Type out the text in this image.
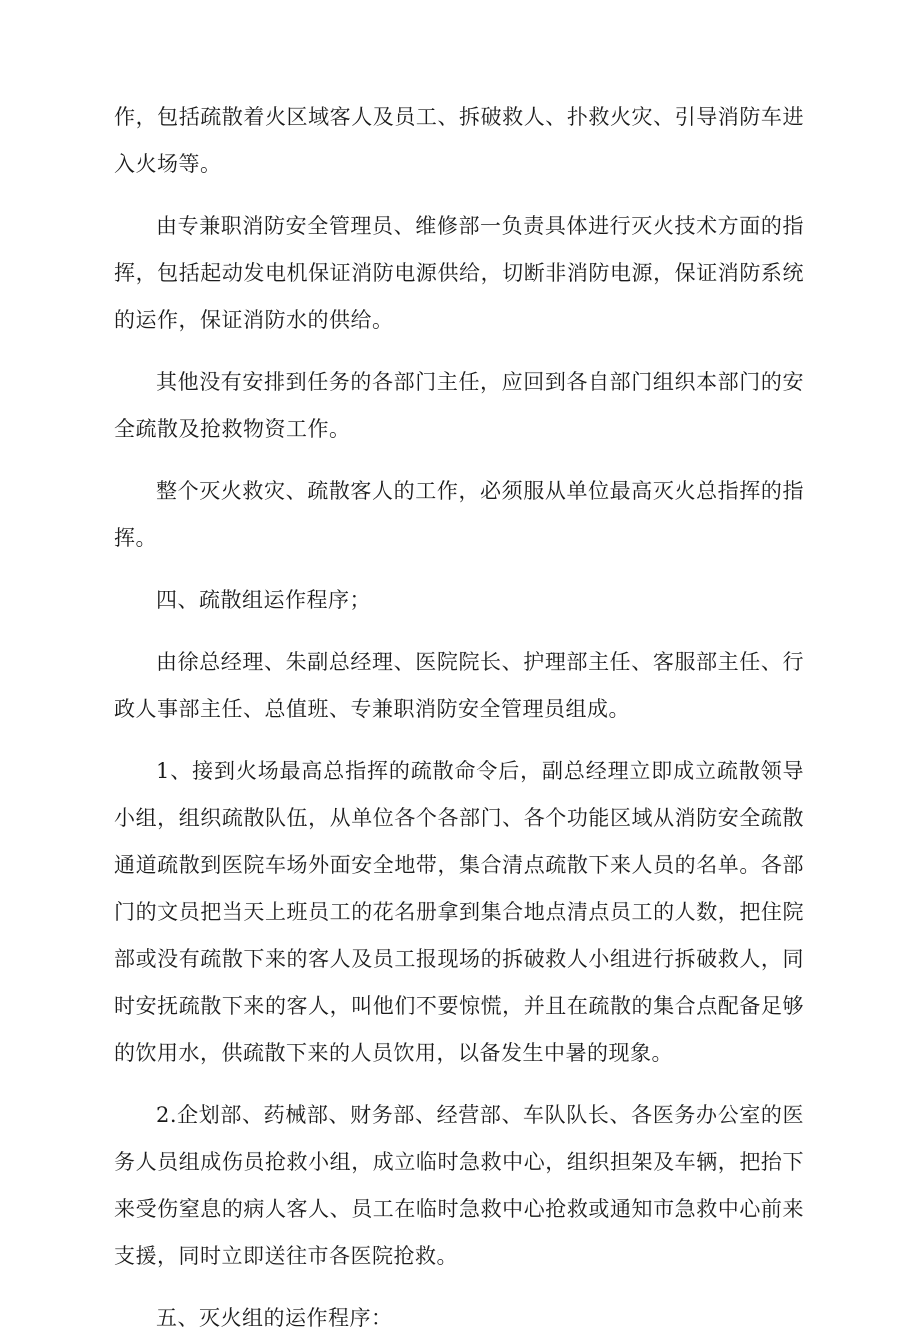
作，包括疏散着火区域客人及员工、拆破救人、扑救火灾、引导消防车进入火场等。

由专兼职消防安全管理员、维修部一负责具体进行灭火技术方面的指挥，包括起动发电机保证消防电源供给，切断非消防电源，保证消防系统的运作，保证消防水的供给。

其他没有安排到任务的各部门主任，应回到各自部门组织本部门的安全疏散及抢救物资工作。

整个灭火救灾、疏散客人的工作，必须服从单位最高灭火总指挥的指挥。

四、疏散组运作程序；

由徐总经理、朱副总经理、医院院长、护理部主任、客服部主任、行政人事部主任、总值班、专兼职消防安全管理员组成。

1、接到火场最高总指挥的疏散命令后，副总经理立即成立疏散领导小组，组织疏散队伍，从单位各个各部门、各个功能区域从消防安全疏散通道疏散到医院车场外面安全地带，集合清点疏散下来人员的名单。各部门的文员把当天上班员工的花名册拿到集合地点清点员工的人数，把住院部或没有疏散下来的客人及员工报现场的拆破救人小组进行拆破救人，同时安抚疏散下来的客人，叫他们不要惊慌，并且在疏散的集合点配备足够的饮用水，供疏散下来的人员饮用，以备发生中暑的现象。

2.企划部、药械部、财务部、经营部、车队队长、各医务办公室的医务人员组成伤员抢救小组，成立临时急救中心，组织担架及车辆，把抬下来受伤窒息的病人客人、员工在临时急救中心抢救或通知市急救中心前来支援，同时立即送往市各医院抢救。

五、灭火组的运作程序：
